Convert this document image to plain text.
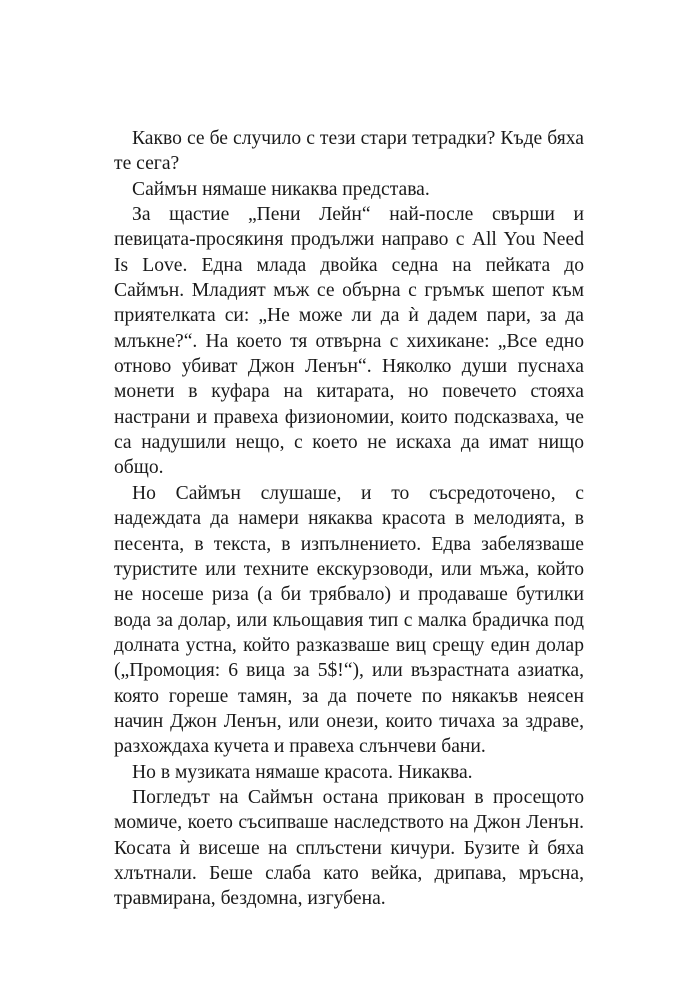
Какво се бе случило с тези стари тетрадки? Къде бяха те сега?

Саймън нямаше никаква представа.

За щастие „Пени Лейн“ най-после свърши и певицата-просякиня продължи направо с All You Need Is Love. Една млада двойка седна на пейката до Саймън. Младият мъж се обърна с гръмък шепот към приятелката си: „Не може ли да ѝ дадем пари, за да млъкне?“. На което тя отвърна с хихикане: „Все едно отново убиват Джон Ленън“. Няколко души пуснаха монети в куфара на китарата, но повечето стояха настрани и правеха физиономии, които подсказваха, че са надушили нещо, с което не искаха да имат нищо общо.

Но Саймън слушаше, и то съсредоточено, с надеждата да намери някаква красота в мелодията, в песента, в текста, в изпълнението. Едва забелязваше туристите или техните екскурзоводи, или мъжа, който не носеше риза (а би трябвало) и продаваше бутилки вода за долар, или кльощавия тип с малка брадичка под долната устна, който разказваше виц срещу един долар („Промоция: 6 вица за 5$!“), или възрастната азиатка, която гореше тамян, за да почете по някакъв неясен начин Джон Ленън, или онези, които тичаха за здраве, разхождаха кучета и правеха слънчеви бани.

Но в музиката нямаше красота. Никаква.

Погледът на Саймън остана прикован в просещото момиче, което съсипваше наследството на Джон Ленън. Косата ѝ висеше на сплъстени кичури. Бузите ѝ бяха хлътнали. Беше слаба като вейка, дрипава, мръсна, травмирана, бездомна, изгубена.
